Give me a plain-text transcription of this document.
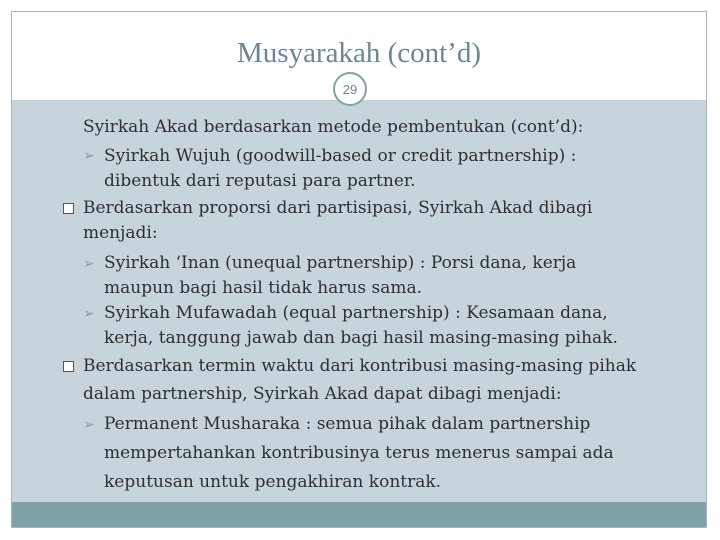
Musyarakah (cont’d)
29
Syirkah Akad berdasarkan metode pembentukan (cont’d):
➢ Syirkah Wujuh (goodwill-based or credit partnership) :
dibentuk dari reputasi para partner.
Berdasarkan proporsi dari partisipasi, Syirkah Akad dibagi
menjadi:
➢ Syirkah ‘Inan (unequal partnership) : Porsi dana, kerja
maupun bagi hasil tidak harus sama.
➢ Syirkah Mufawadah (equal partnership) : Kesamaan dana,
kerja, tanggung jawab dan bagi hasil masing-masing pihak.
Berdasarkan termin waktu dari kontribusi masing-masing pihak
dalam partnership, Syirkah Akad dapat dibagi menjadi:
➢ Permanent Musharaka : semua pihak dalam partnership
mempertahankan kontribusinya terus menerus sampai ada
keputusan untuk pengakhiran kontrak.
